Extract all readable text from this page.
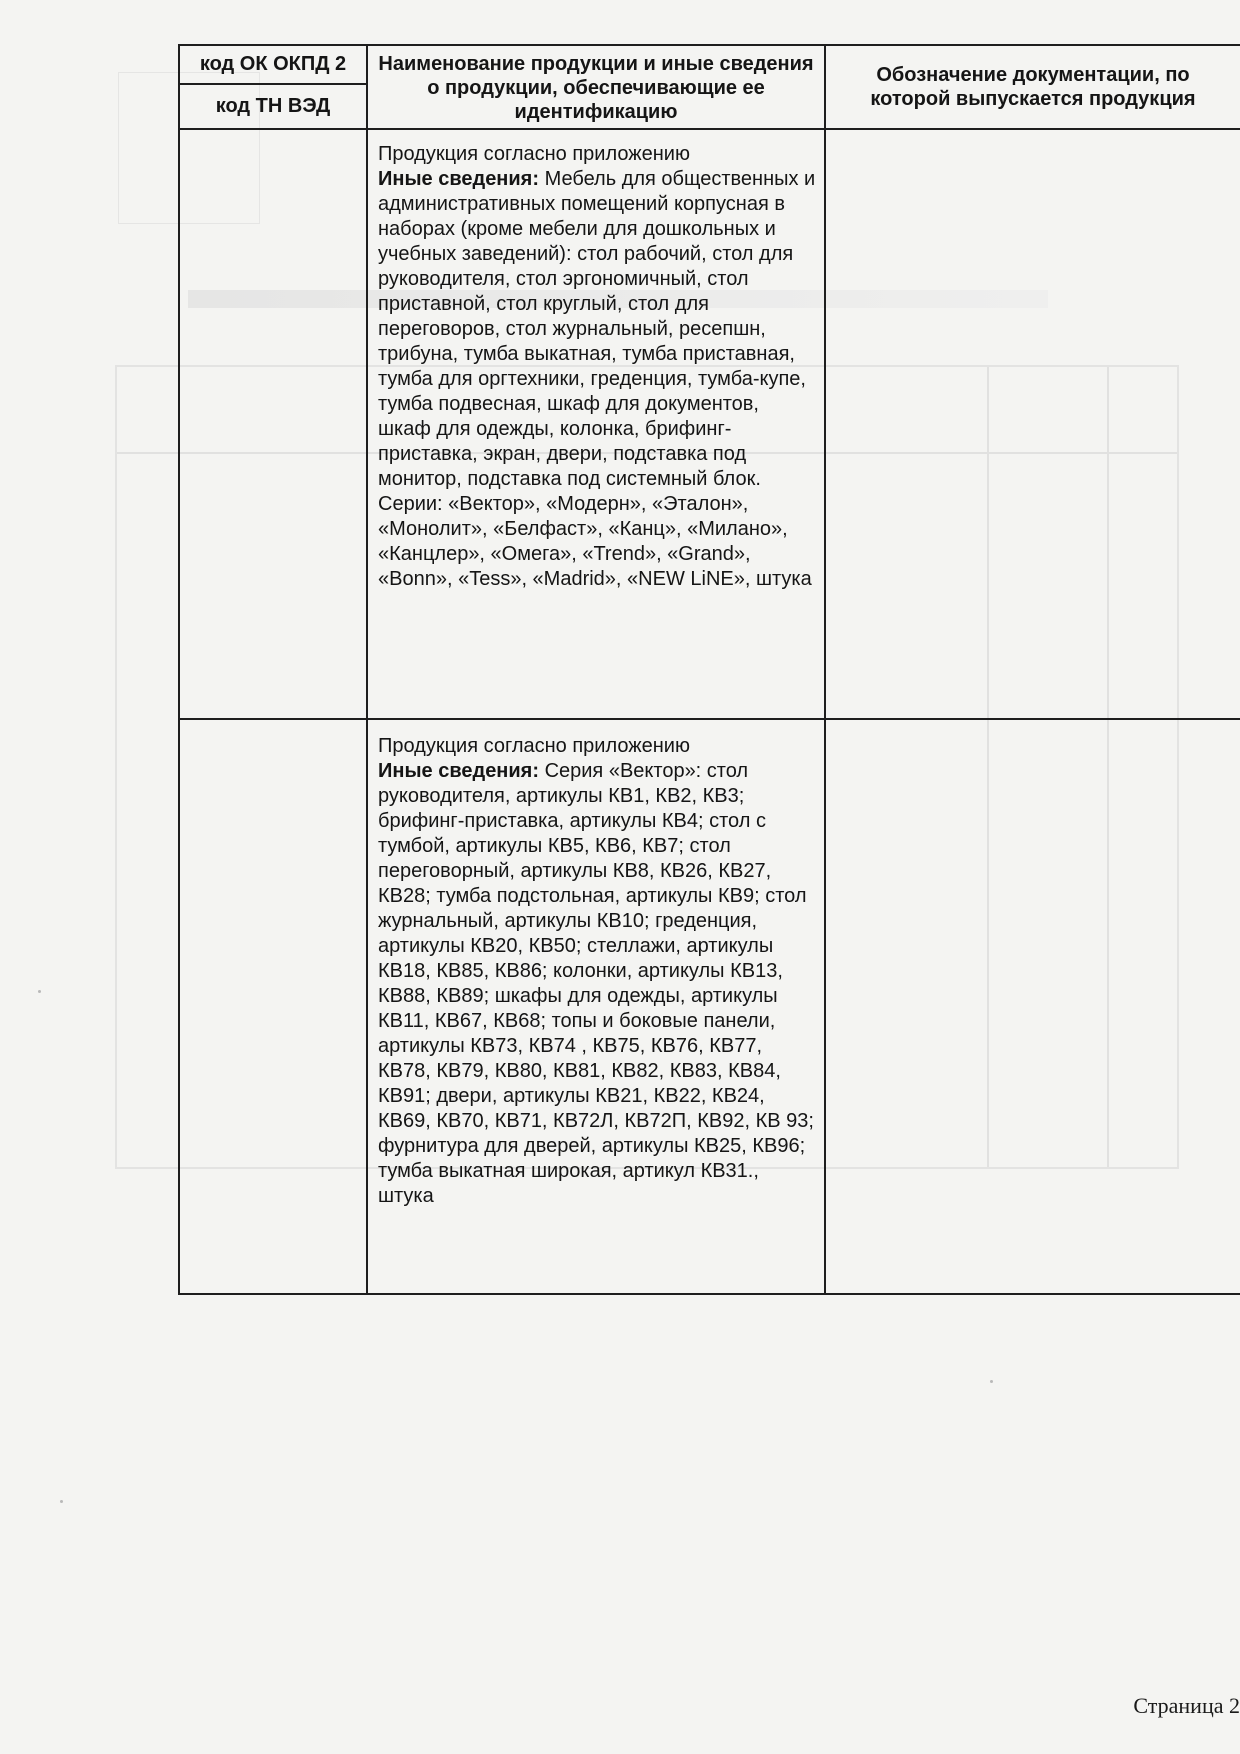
код ОК ОКПД 2	Наименование продукции и иные сведения о продукции, обеспечивающие ее идентификацию	Обозначение документации, по которой выпускается продукция
код ТН ВЭД		

	Продукция согласно приложению
Иные сведения: Мебель для общественных и административных помещений корпусная в наборах (кроме мебели для дошкольных и учебных заведений): стол рабочий, стол для руководителя, стол эргономичный, стол приставной, стол круглый, стол для переговоров, стол журнальный, ресепшн, трибуна, тумба выкатная, тумба приставная, тумба для оргтехники, греденция, тумба-купе, тумба подвесная, шкаф для документов, шкаф для одежды, колонка, брифинг-приставка, экран, двери, подставка под монитор, подставка под системный блок. Серии: «Вектор», «Модерн», «Эталон», «Монолит», «Белфаст», «Канц», «Милано», «Канцлер», «Омега», «Trend», «Grand», «Bonn», «Tess», «Madrid», «NEW LiNE», штука	

	Продукция согласно приложению
Иные сведения: Серия «Вектор»: стол руководителя, артикулы КВ1, КВ2, КВ3; брифинг-приставка, артикулы КВ4; стол с тумбой, артикулы КВ5, КВ6, КВ7; стол переговорный, артикулы КВ8, КВ26, КВ27, КВ28; тумба подстольная, артикулы КВ9; стол журнальный, артикулы КВ10; греденция, артикулы КВ20, КВ50; стеллажи, артикулы КВ18, КВ85, КВ86; колонки, артикулы КВ13, КВ88, КВ89; шкафы для одежды, артикулы КВ11, КВ67, КВ68; топы и боковые панели, артикулы КВ73, КВ74 , КВ75, КВ76, КВ77, КВ78, КВ79, КВ80, КВ81, КВ82, КВ83, КВ84, КВ91; двери, артикулы КВ21, КВ22, КВ24, КВ69, КВ70, КВ71, КВ72Л, КВ72П, КВ92, КВ 93; фурнитура для дверей, артикулы КВ25, КВ96; тумба выкатная широкая, артикул КВ31., штука	

Страница 2
